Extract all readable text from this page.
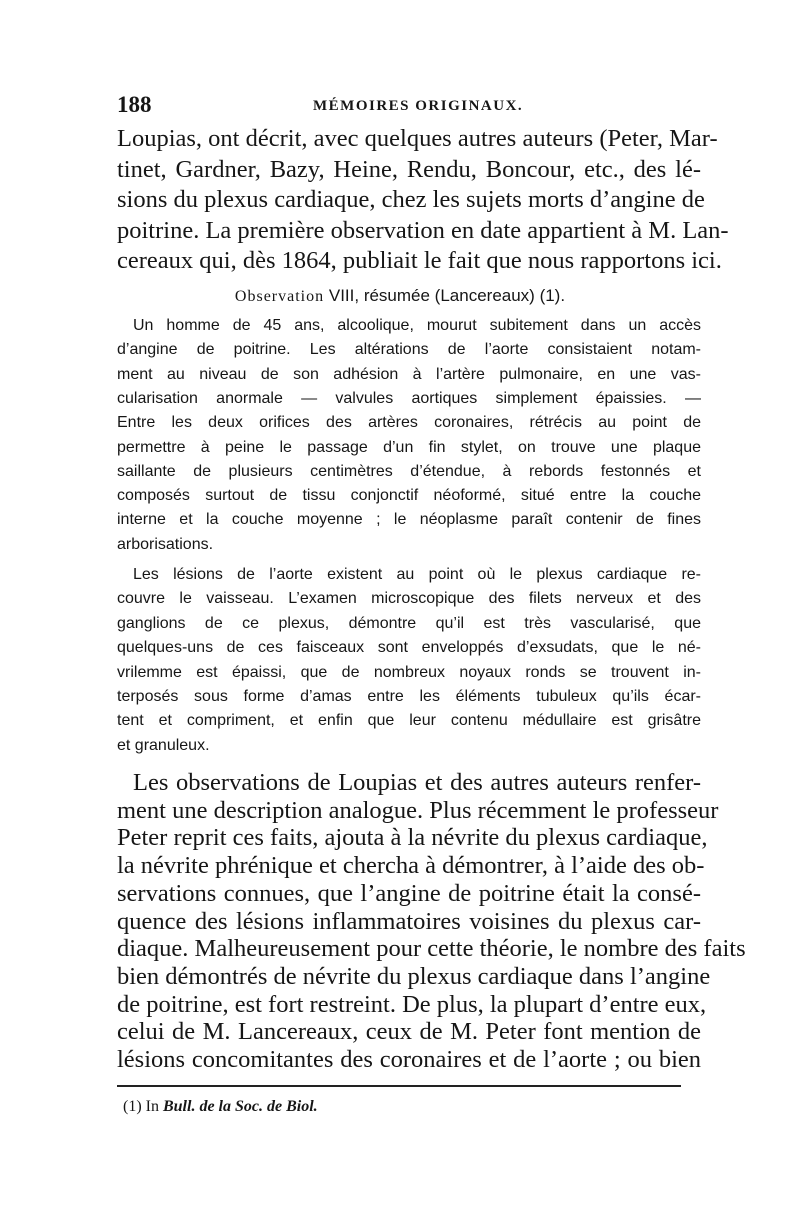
188	MÉMOIRES ORIGINAUX.
Loupias, ont décrit, avec quelques autres auteurs (Peter, Mar-
tinet, Gardner, Bazy, Heine, Rendu, Boncour, etc., des lé-
sions du plexus cardiaque, chez les sujets morts d’angine de
poitrine. La première observation en date appartient à M. Lan-
cereaux qui, dès 1864, publiait le fait que nous rapportons ici.
Observation VIII, résumée (Lancereaux) (1).
Un homme de 45 ans, alcoolique, mourut subitement dans un accès
d’angine de poitrine. Les altérations de l’aorte consistaient notam-
ment au niveau de son adhésion à l’artère pulmonaire, en une vas-
cularisation anormale — valvules aortiques simplement épaissies. —
Entre les deux orifices des artères coronaires, rétrécis au point de
permettre à peine le passage d’un fin stylet, on trouve une plaque
saillante de plusieurs centimètres d’étendue, à rebords festonnés et
composés surtout de tissu conjonctif néoformé, situé entre la couche
interne et la couche moyenne ; le néoplasme paraît contenir de fines
arborisations.
Les lésions de l’aorte existent au point où le plexus cardiaque re-
couvre le vaisseau. L’examen microscopique des filets nerveux et des
ganglions de ce plexus, démontre qu’il est très vascularisé, que
quelques-uns de ces faisceaux sont enveloppés d’exsudats, que le né-
vrilemme est épaissi, que de nombreux noyaux ronds se trouvent in-
terposés sous forme d’amas entre les éléments tubuleux qu’ils écar-
tent et compriment, et enfin que leur contenu médullaire est grisâtre
et granuleux.
Les observations de Loupias et des autres auteurs renfer-
ment une description analogue. Plus récemment le professeur
Peter reprit ces faits, ajouta à la névrite du plexus cardiaque,
la névrite phrénique et chercha à démontrer, à l’aide des ob-
servations connues, que l’angine de poitrine était la consé-
quence des lésions inflammatoires voisines du plexus car-
diaque. Malheureusement pour cette théorie, le nombre des faits
bien démontrés de névrite du plexus cardiaque dans l’angine
de poitrine, est fort restreint. De plus, la plupart d’entre eux,
celui de M. Lancereaux, ceux de M. Peter font mention de
lésions concomitantes des coronaires et de l’aorte ; ou bien
(1) In Bull. de la Soc. de Biol.
